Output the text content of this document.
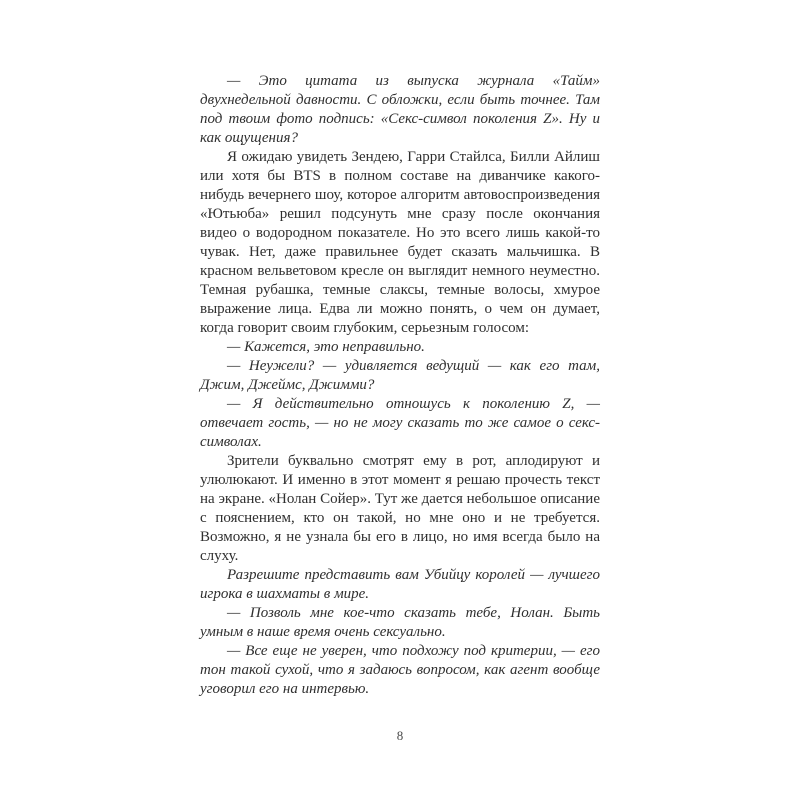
— Это цитата из выпуска журнала «Тайм» двухнедельной давности. С обложки, если быть точнее. Там под твоим фото подпись: «Секс-символ поколения Z». Ну и как ощущения?

Я ожидаю увидеть Зендею, Гарри Стайлса, Билли Айлиш или хотя бы BTS в полном составе на диванчике какого-нибудь вечернего шоу, которое алгоритм автовоспроизведения «Ютьюба» решил подсунуть мне сразу после окончания видео о водородном показателе. Но это всего лишь какой-то чувак. Нет, даже правильнее будет сказать мальчишка. В красном вельветовом кресле он выглядит немного неуместно. Темная рубашка, темные слаксы, темные волосы, хмурое выражение лица. Едва ли можно понять, о чем он думает, когда говорит своим глубоким, серьезным голосом:

— Кажется, это неправильно.

— Неужели? — удивляется ведущий — как его там, Джим, Джеймс, Джимми?

— Я действительно отношусь к поколению Z, — отвечает гость, — но не могу сказать то же самое о секс-символах.

Зрители буквально смотрят ему в рот, аплодируют и улюлюкают. И именно в этот момент я решаю прочесть текст на экране. «Нолан Сойер». Тут же дается небольшое описание с пояснением, кто он такой, но мне оно и не требуется. Возможно, я не узнала бы его в лицо, но имя всегда было на слуху.

Разрешите представить вам Убийцу королей — лучшего игрока в шахматы в мире.

— Позволь мне кое-что сказать тебе, Нолан. Быть умным в наше время очень сексуально.

— Все еще не уверен, что подхожу под критерии, — его тон такой сухой, что я задаюсь вопросом, как агент вообще уговорил его на интервью.

8
